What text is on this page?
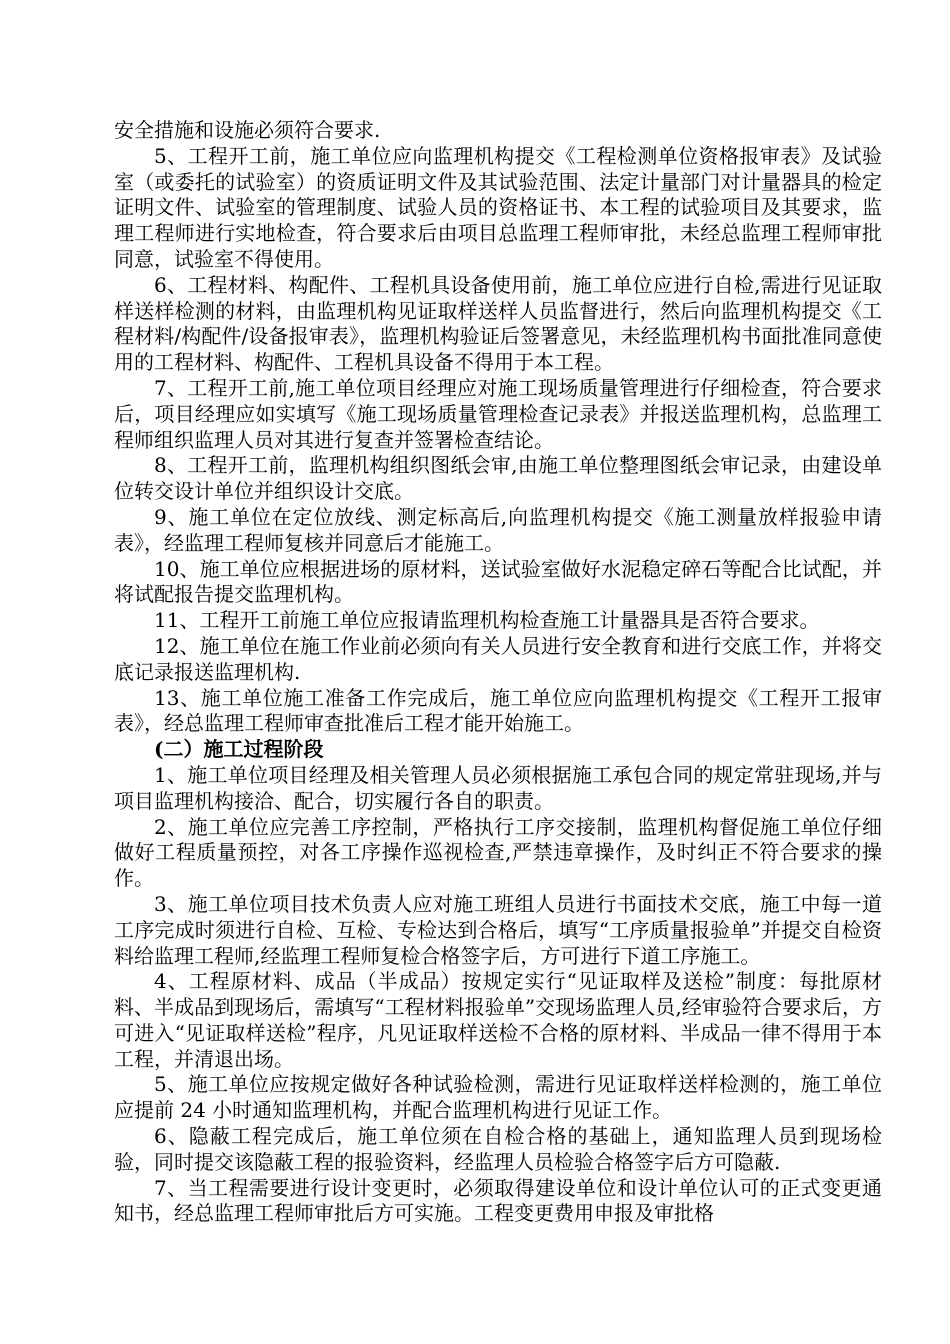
安全措施和设施必须符合要求.

5、工程开工前，施工单位应向监理机构提交《工程检测单位资格报审表》及试验室（或委托的试验室）的资质证明文件及其试验范围、法定计量部门对计量器具的检定证明文件、试验室的管理制度、试验人员的资格证书、本工程的试验项目及其要求，监理工程师进行实地检查，符合要求后由项目总监理工程师审批，未经总监理工程师审批同意，试验室不得使用。

6、工程材料、构配件、工程机具设备使用前，施工单位应进行自检,需进行见证取样送样检测的材料，由监理机构见证取样送样人员监督进行，然后向监理机构提交《工程材料/构配件/设备报审表》，监理机构验证后签署意见，未经监理机构书面批准同意使用的工程材料、构配件、工程机具设备不得用于本工程。

7、工程开工前,施工单位项目经理应对施工现场质量管理进行仔细检查，符合要求后，项目经理应如实填写《施工现场质量管理检查记录表》并报送监理机构，总监理工程师组织监理人员对其进行复查并签署检查结论。

8、工程开工前，监理机构组织图纸会审,由施工单位整理图纸会审记录，由建设单位转交设计单位并组织设计交底。

9、施工单位在定位放线、测定标高后,向监理机构提交《施工测量放样报验申请表》，经监理工程师复核并同意后才能施工。

10、施工单位应根据进场的原材料，送试验室做好水泥稳定碎石等配合比试配，并将试配报告提交监理机构。

11、工程开工前施工单位应报请监理机构检查施工计量器具是否符合要求。

12、施工单位在施工作业前必须向有关人员进行安全教育和进行交底工作，并将交底记录报送监理机构.

13、施工单位施工准备工作完成后，施工单位应向监理机构提交《工程开工报审表》，经总监理工程师审查批准后工程才能开始施工。

(二）施工过程阶段

1、施工单位项目经理及相关管理人员必须根据施工承包合同的规定常驻现场,并与项目监理机构接洽、配合，切实履行各自的职责。

2、施工单位应完善工序控制，严格执行工序交接制，监理机构督促施工单位仔细做好工程质量预控，对各工序操作巡视检查,严禁违章操作，及时纠正不符合要求的操作。

3、施工单位项目技术负责人应对施工班组人员进行书面技术交底，施工中每一道工序完成时须进行自检、互检、专检达到合格后，填写“工序质量报验单”并提交自检资料给监理工程师,经监理工程师复检合格签字后，方可进行下道工序施工。

4、工程原材料、成品（半成品）按规定实行“见证取样及送检”制度：每批原材料、半成品到现场后，需填写“工程材料报验单”交现场监理人员,经审验符合要求后，方可进入“见证取样送检”程序，凡见证取样送检不合格的原材料、半成品一律不得用于本工程，并清退出场。

5、施工单位应按规定做好各种试验检测，需进行见证取样送样检测的，施工单位应提前 24 小时通知监理机构，并配合监理机构进行见证工作。

6、隐蔽工程完成后，施工单位须在自检合格的基础上，通知监理人员到现场检验，同时提交该隐蔽工程的报验资料，经监理人员检验合格签字后方可隐蔽.

7、当工程需要进行设计变更时，必须取得建设单位和设计单位认可的正式变更通知书，经总监理工程师审批后方可实施。工程变更费用申报及审批格
